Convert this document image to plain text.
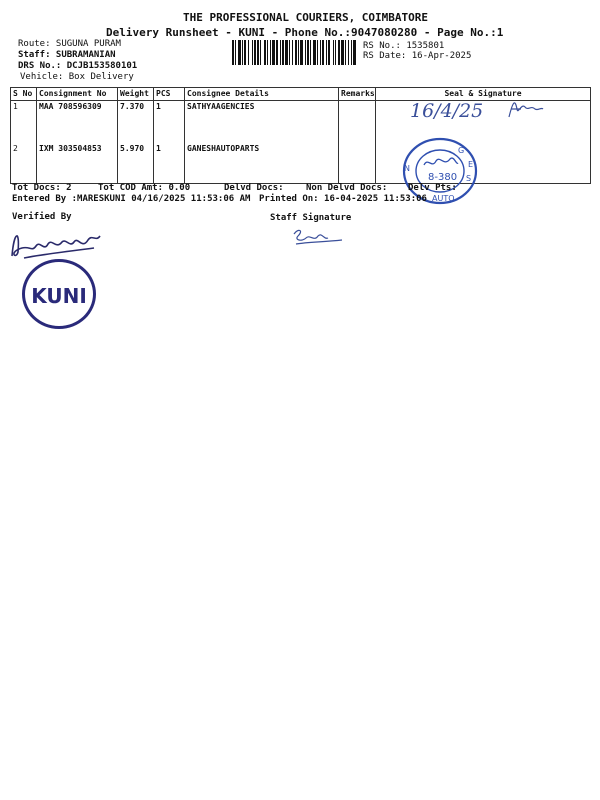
THE PROFESSIONAL COURIERS, COIMBATORE
Delivery Runsheet - KUNI - Phone No.:9047080280 - Page No.:1
Route: SUGUNA PURAM
Staff: SUBRAMANIAN
DRS No.: DCJB153580101
Vehicle: Box Delivery
RS No.: 1535801
RS Date: 16-Apr-2025
S No	Consignment No	Weight	PCS	Consignee Details	Remarks	Seal & Signature
1	MAA 708596309	7.370	1	SATHYAAGENCIES		
2	IXM 303504853	5.970	1	GANESHAUTOPARTS		
16/4/25
8-380
G
E
S
AUTO
N
Tot Docs: 2	Tot COD Amt: 0.00	Delvd Docs: Non Delvd Docs: Delv Pts:
Entered By :MARESKUNI 04/16/2025 11:53:06 AM Printed On: 16-04-2025 11:53:06
Verified By	Staff Signature
KUNI
